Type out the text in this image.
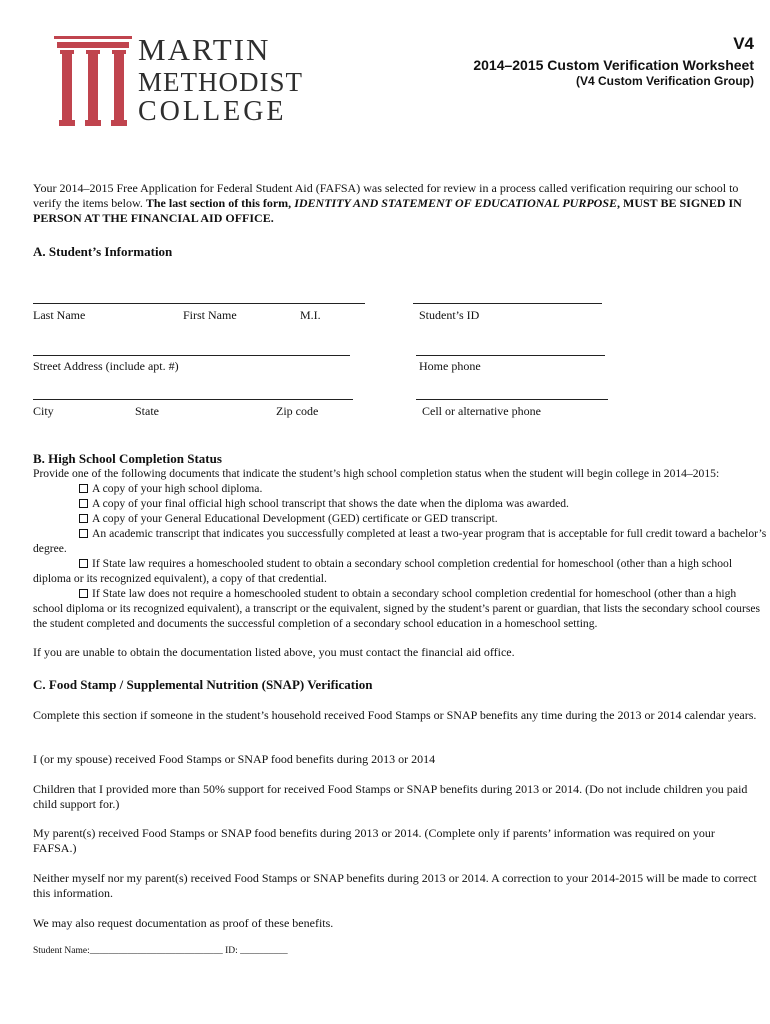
MARTIN
METHODIST
COLLEGE
V4
2014–2015 Custom Verification Worksheet
(V4 Custom Verification Group)
Your 2014–2015 Free Application for Federal Student Aid (FAFSA) was selected for review in a process called verification requiring our school to verify the items below. The last section of this form, IDENTITY AND STATEMENT OF EDUCATIONAL PURPOSE, MUST BE SIGNED IN PERSON AT THE FINANCIAL AID OFFICE.
A. Student’s Information
Last Name	First Name	M.I.	Student’s ID
Street Address (include apt. #)	Home phone
City	State	Zip code	Cell or alternative phone
B. High School Completion Status
Provide one of the following documents that indicate the student’s high school completion status when the student will begin college in 2014–2015:
A copy of your high school diploma.
A copy of your final official high school transcript that shows the date when the diploma was awarded.
A copy of your General Educational Development (GED) certificate or GED transcript.
An academic transcript that indicates you successfully completed at least a two-year program that is acceptable for full credit toward a bachelor’s degree.
If State law requires a homeschooled student to obtain a secondary school completion credential for homeschool (other than a high school diploma or its recognized equivalent), a copy of that credential.
If State law does not require a homeschooled student to obtain a secondary school completion credential for homeschool (other than a high school diploma or its recognized equivalent), a transcript or the equivalent, signed by the student’s parent or guardian, that lists the secondary school courses the student completed and documents the successful completion of a secondary school education in a homeschool setting.
If you are unable to obtain the documentation listed above, you must contact the financial aid office.
C. Food Stamp / Supplemental Nutrition (SNAP) Verification
Complete this section if someone in the student’s household received Food Stamps or SNAP benefits any time during the 2013 or 2014 calendar years.
I (or my spouse) received Food Stamps or SNAP food benefits during 2013 or 2014
Children that I provided more than 50% support for received Food Stamps or SNAP benefits during 2013 or 2014. (Do not include children you paid child support for.)
My parent(s) received Food Stamps or SNAP food benefits during 2013 or 2014. (Complete only if parents’ information was required on your FAFSA.)
Neither myself nor my parent(s) received Food Stamps or SNAP benefits during 2013 or 2014. A correction to your 2014-2015 will be made to correct this information.
We may also request documentation as proof of these benefits.
Student Name:____________________________ ID: __________
